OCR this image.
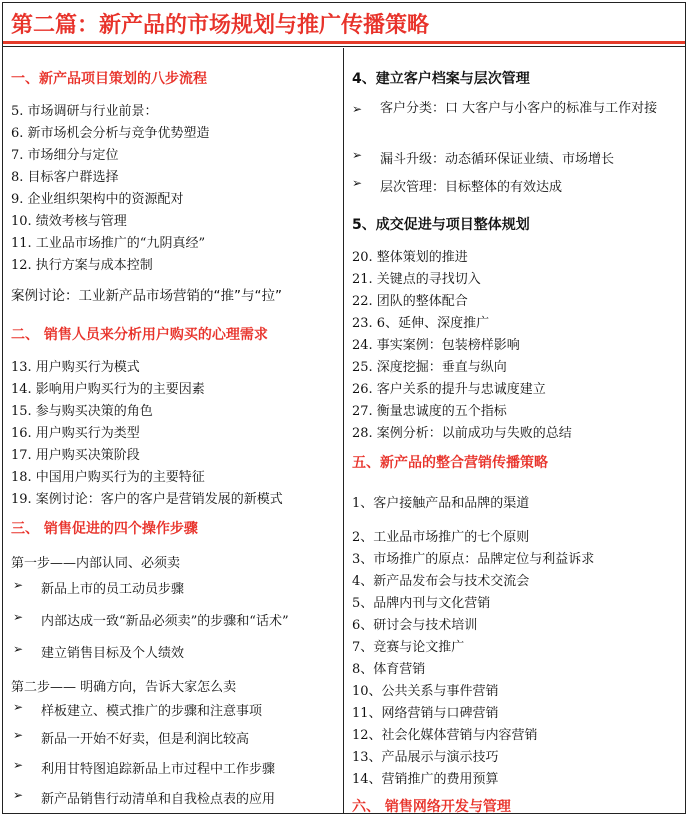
第二篇：新产品的市场规划与推广传播策略
一、新产品项目策划的八步流程
5. 市场调研与行业前景：
6. 新市场机会分析与竞争优势塑造
7. 市场细分与定位
8. 目标客户群选择
9. 企业组织架构中的资源配对
10. 绩效考核与管理
11. 工业品市场推广的“九阴真经”
12. 执行方案与成本控制
案例讨论：工业新产品市场营销的“推”与“拉”
二、 销售人员来分析用户购买的心理需求
13. 用户购买行为模式
14. 影响用户购买行为的主要因素
15. 参与购买决策的角色
16. 用户购买行为类型
17. 用户购买决策阶段
18. 中国用户购买行为的主要特征
19. 案例讨论：客户的客户是营销发展的新模式
三、 销售促进的四个操作步骤
第一步——内部认同、必须卖
➢ 新品上市的员工动员步骤
➢ 内部达成一致“新品必须卖”的步骤和“话术”
➢ 建立销售目标及个人绩效
第二步—— 明确方向，告诉大家怎么卖
➢ 样板建立、模式推广的步骤和注意事项
➢ 新品一开始不好卖，但是利润比较高
➢ 利用甘特图追踪新品上市过程中工作步骤
➢ 新产品销售行动清单和自我检点表的应用
4、建立客户档案与层次管理
➢ 客户分类：口 大客户与小客户的标准与工作对接
➢ 漏斗升级：动态循环保证业绩、市场增长
➢ 层次管理：目标整体的有效达成
5、成交促进与项目整体规划
20. 整体策划的推进
21. 关键点的寻找切入
22. 团队的整体配合
23. 6、延伸、深度推广
24. 事实案例：包装榜样影响
25. 深度挖掘：垂直与纵向
26. 客户关系的提升与忠诚度建立
27. 衡量忠诚度的五个指标
28. 案例分析：以前成功与失败的总结
五、新产品的整合营销传播策略
1、客户接触产品和品牌的渠道
2、工业品市场推广的七个原则
3、市场推广的原点：品牌定位与利益诉求
4、新产品发布会与技术交流会
5、品牌内刊与文化营销
6、研讨会与技术培训
7、竞赛与论文推广
8、体育营销
10、公共关系与事件营销
11、网络营销与口碑营销
12、社会化媒体营销与内容营销
13、产品展示与演示技巧
14、营销推广的费用预算
六、 销售网络开发与管理
